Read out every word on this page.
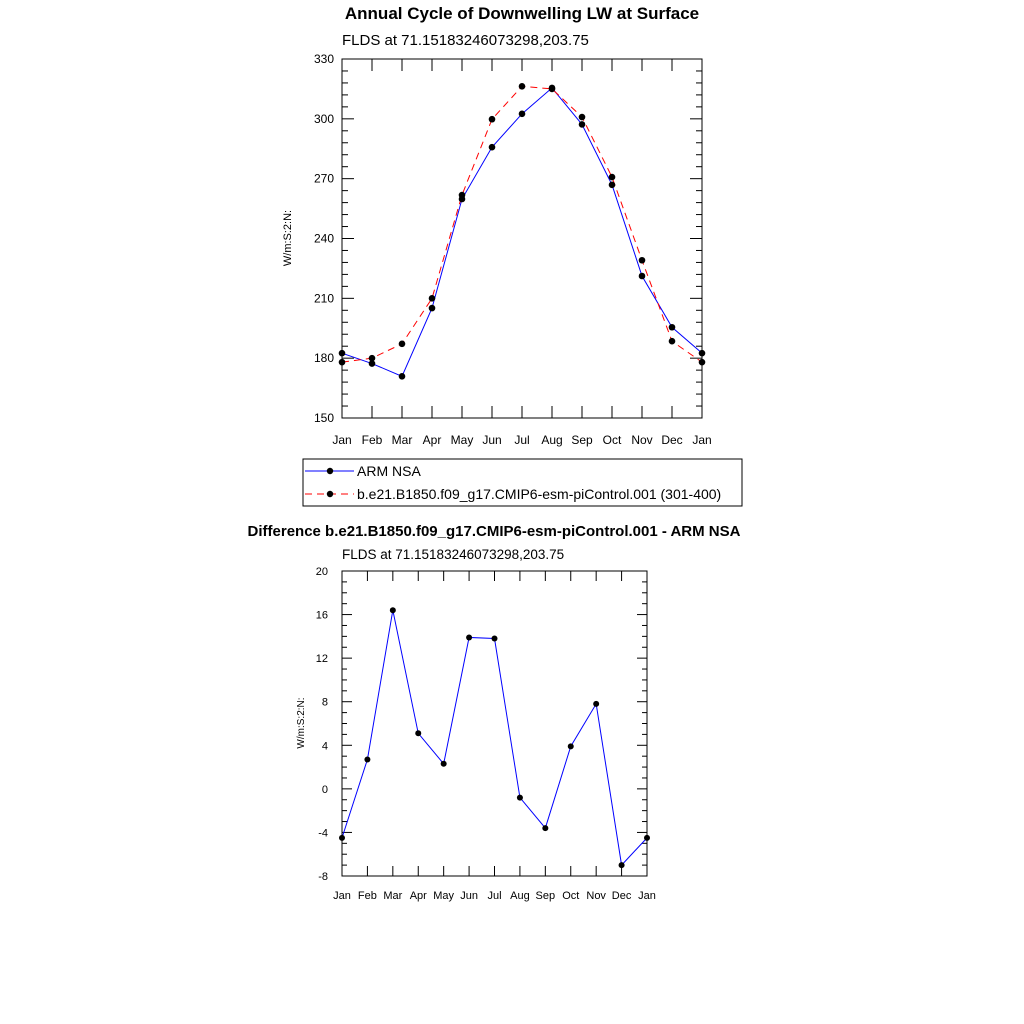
Annual Cycle of Downwelling LW at Surface
FLDS at 71.15183246073298,203.75
W/m:S:2:N:
Jan Feb Mar Apr May Jun Jul Aug Sep Oct Nov Dec Jan
150
180
210
240
270
300
330
ARM NSA
b.e21.B1850.f09_g17.CMIP6-esm-piControl.001 (301-400)
Difference b.e21.B1850.f09_g17.CMIP6-esm-piControl.001 - ARM NSA
FLDS at 71.15183246073298,203.75
W/m:S:2:N:
Jan Feb Mar Apr May Jun Jul Aug Sep Oct Nov Dec Jan
-8
-4
0
4
8
12
16
20
